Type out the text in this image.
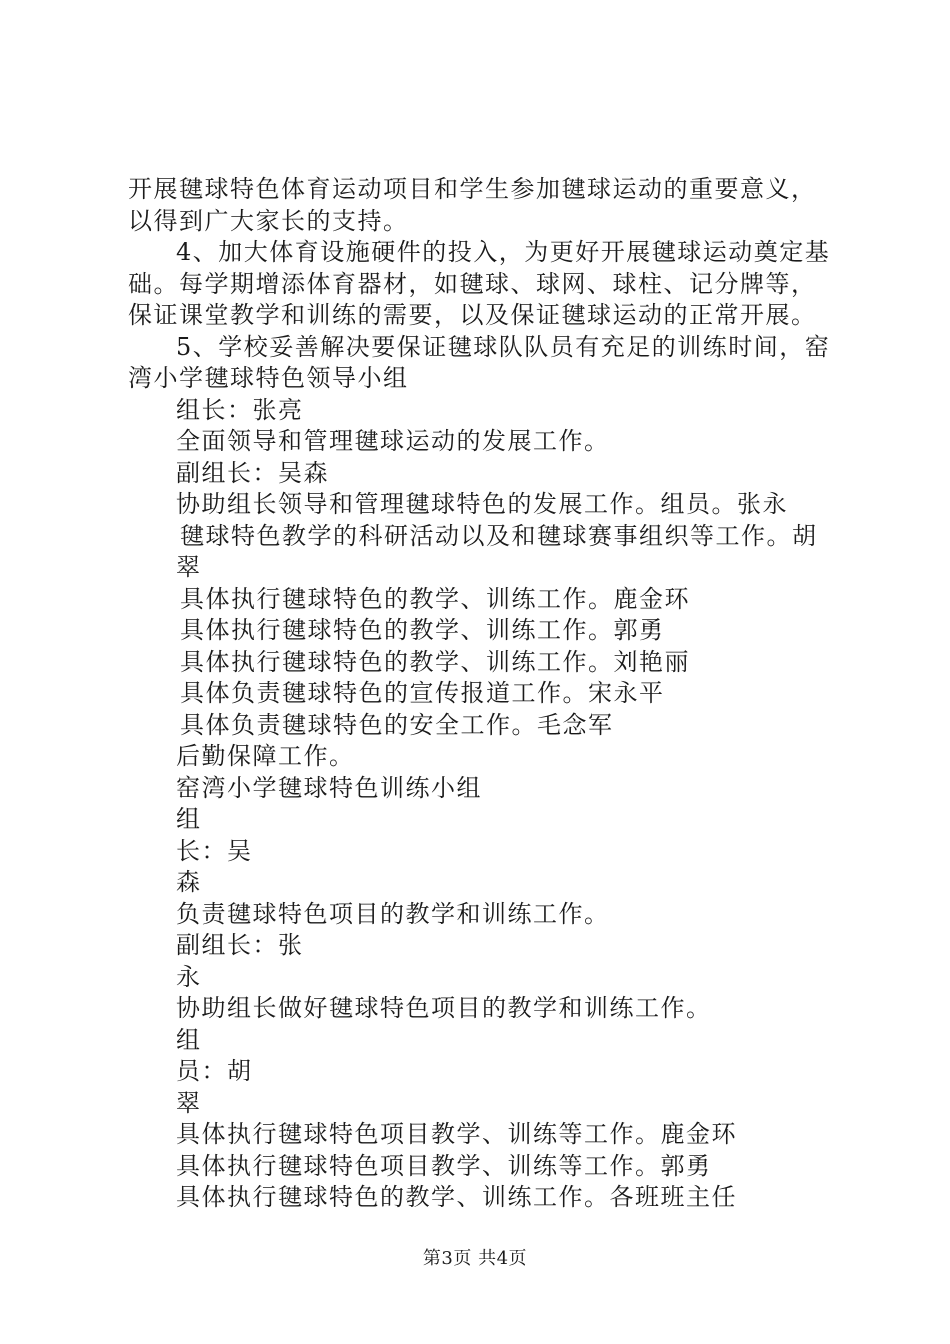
开展毽球特色体育运动项目和学生参加毽球运动的重要意义，
以得到广大家长的支持。
4、加大体育设施硬件的投入，为更好开展毽球运动奠定基
础。每学期增添体育器材，如毽球、球网、球柱、记分牌等，
保证课堂教学和训练的需要，以及保证毽球运动的正常开展。
5、学校妥善解决要保证毽球队队员有充足的训练时间，窑
湾小学毽球特色领导小组
组长：张亮
全面领导和管理毽球运动的发展工作。
副组长：吴森
协助组长领导和管理毽球特色的发展工作。组员。张永
毽球特色教学的科研活动以及和毽球赛事组织等工作。胡
翠
具体执行毽球特色的教学、训练工作。鹿金环
具体执行毽球特色的教学、训练工作。郭勇
具体执行毽球特色的教学、训练工作。刘艳丽
具体负责毽球特色的宣传报道工作。宋永平
具体负责毽球特色的安全工作。毛念军
后勤保障工作。
窑湾小学毽球特色训练小组
组
长：吴
森
负责毽球特色项目的教学和训练工作。
副组长：张
永
协助组长做好毽球特色项目的教学和训练工作。
组
员：胡
翠
具体执行毽球特色项目教学、训练等工作。鹿金环
具体执行毽球特色项目教学、训练等工作。郭勇
具体执行毽球特色的教学、训练工作。各班班主任
第3页 共4页
